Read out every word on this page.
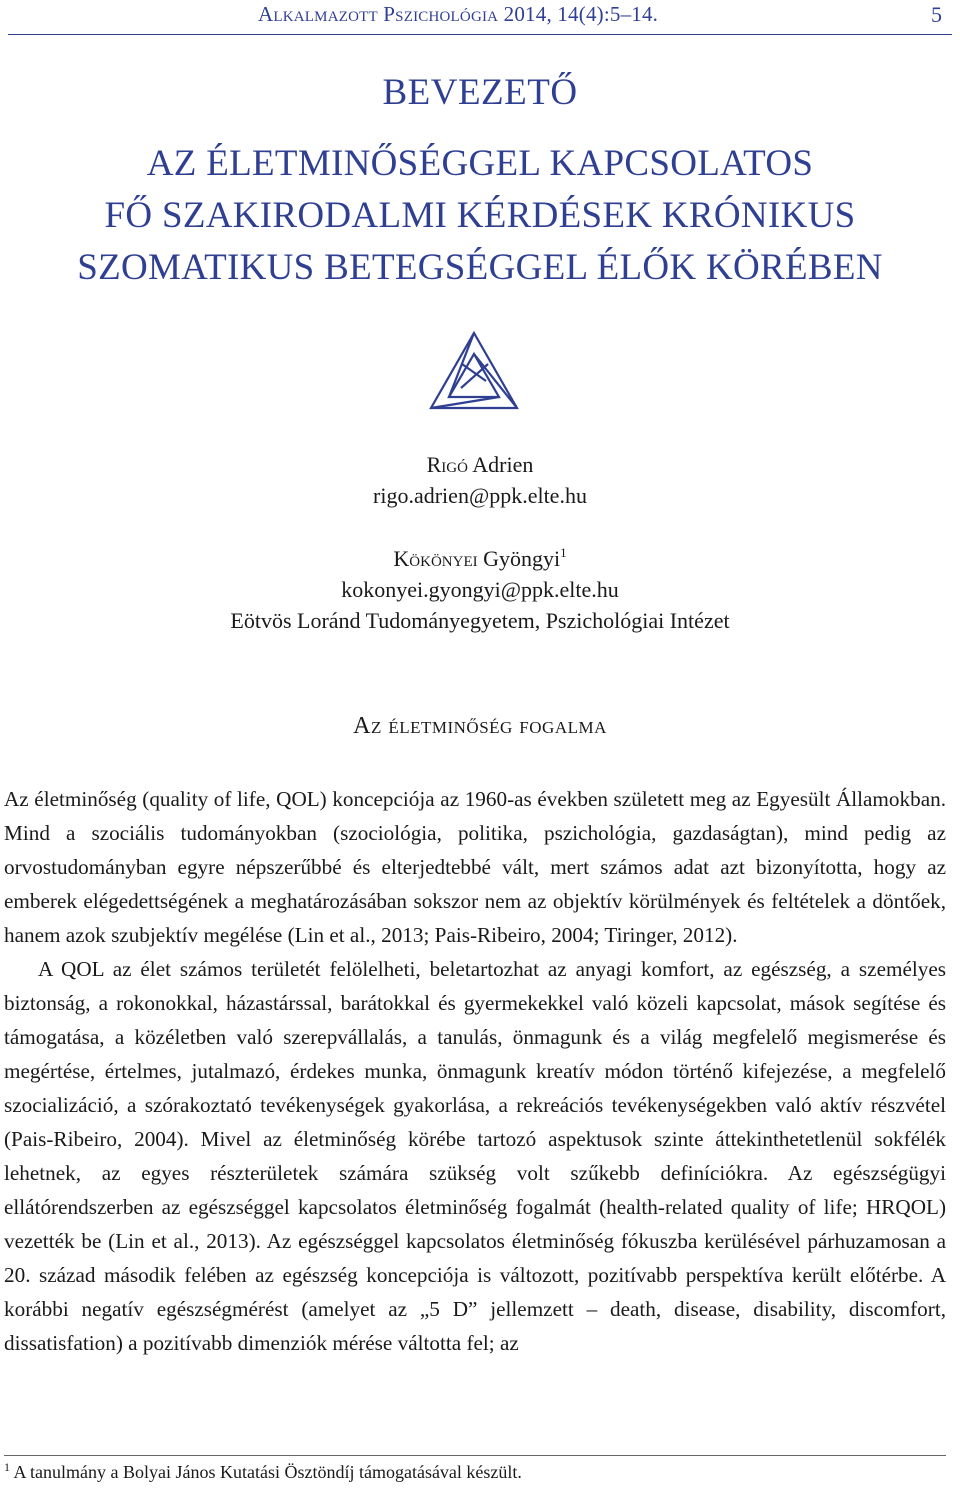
Alkalmazott Pszichológia 2014, 14(4):5–14.	5
BEVEZETŐ
AZ ÉLETMINŐSÉGGEL KAPCSOLATOS
FŐ SZAKIRODALMI KÉRDÉSEK KRÓNIKUS
SZOMATIKUS BETEGSÉGGEL ÉLŐK KÖRÉBEN
Rigó Adrien
rigo.adrien@ppk.elte.hu
Kökönyei Gyöngyi$^1$
kokonyei.gyongyi@ppk.elte.hu
Eötvös Loránd Tudományegyetem, Pszichológiai Intézet
Az életminőség fogalma

Az életminőség (quality of life, QOL) koncepciója az 1960-as években született meg az Egyesült Államokban. Mind a szociális tudományokban (szociológia, politika, pszichológia, gazdaságtan), mind pedig az orvostudományban egyre népszerűbbé és elterjedtebbé vált, mert számos adat azt bizonyította, hogy az emberek elégedettségének a meghatározásában sokszor nem az objektív körülmények és feltételek a döntőek, hanem azok szubjektív megélése (Lin et al., 2013; Pais-Ribeiro, 2004; Tiringer, 2012).

A QOL az élet számos területét felölelheti, beletartozhat az anyagi komfort, az egészség, a személyes biztonság, a rokonokkal, házastárssal, barátokkal és gyermekekkel való közeli kapcsolat, mások segítése és támogatása, a közéletben való szerepvállalás, a tanulás, önmagunk és a világ megfelelő megismerése és megértése, értelmes, jutalmazó, érdekes munka, önmagunk kreatív módon történő kifejezése, a megfelelő szocializáció, a szórakoztató tevékenységek gyakorlása, a rekreációs tevékenységekben való aktív részvétel (Pais-Ribeiro, 2004). Mivel az életminőség körébe tartozó aspektusok szinte áttekinthetetlenül sokfélék lehetnek, az egyes részterületek számára szükség volt szűkebb definíciókra. Az egészségügyi ellátórendszerben az egészséggel kapcsolatos életminőség fogalmát (health-related quality of life; HRQOL) vezették be (Lin et al., 2013). Az egészséggel kapcsolatos életminőség fókuszba kerülésével párhuzamosan a 20. század második felében az egészség koncepciója is változott, pozitívabb perspektíva került előtérbe. A korábbi negatív egészségmérést (amelyet az „5 D” jellemzett – death, disease, disability, discomfort, dissatisfation) a pozitívabb dimenziók mérése váltotta fel; az

$^1$ A tanulmány a Bolyai János Kutatási Ösztöndíj támogatásával készült.
